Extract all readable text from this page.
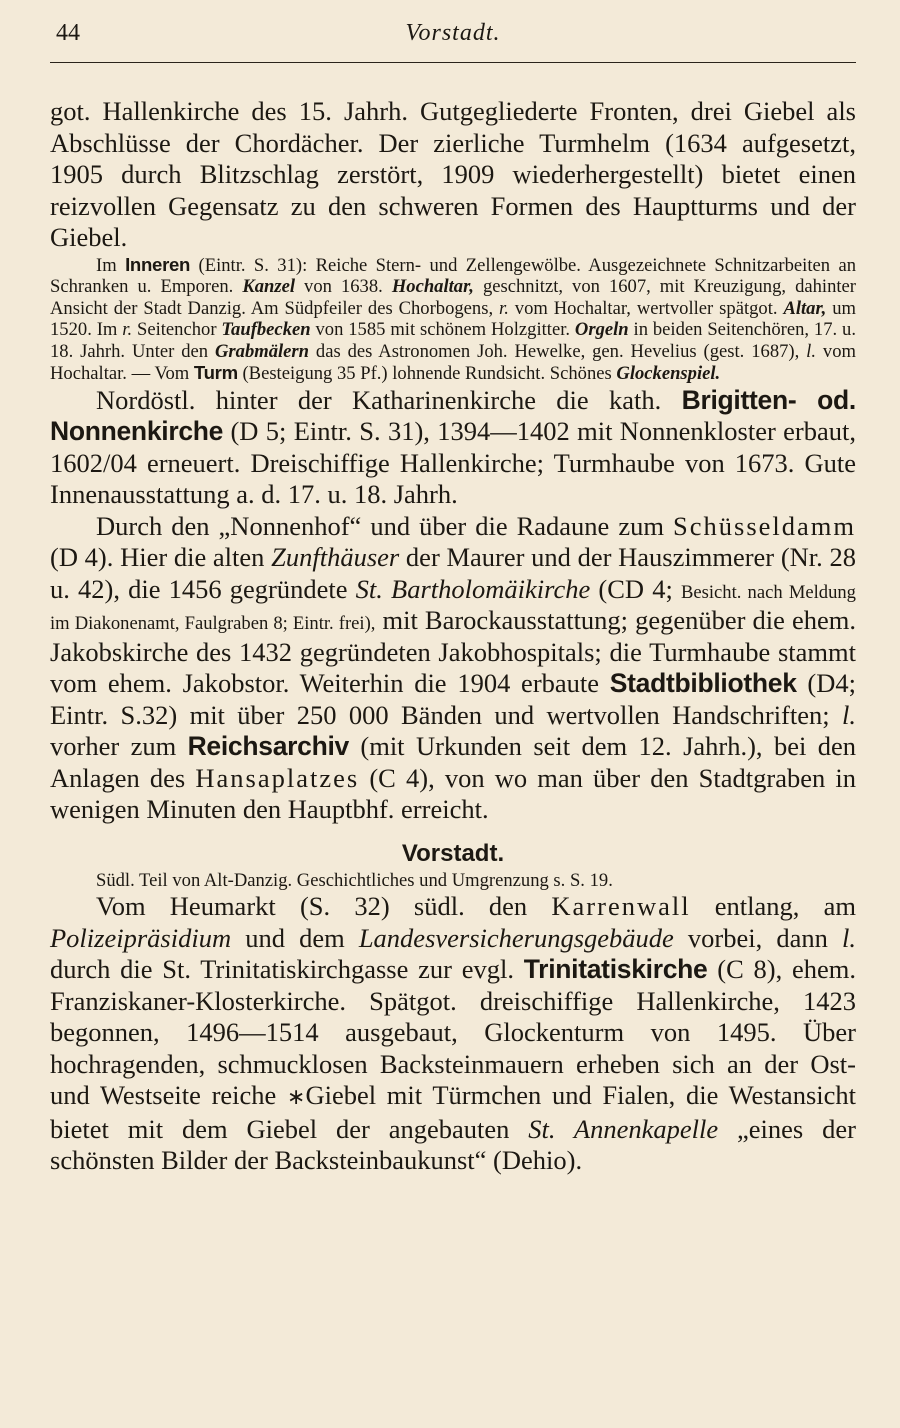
44	Vorstadt.

got. Hallenkirche des 15. Jahrh. Gutgegliederte Fronten, drei Giebel als Abschlüsse der Chordächer. Der zierliche Turmhelm (1634 aufgesetzt, 1905 durch Blitzschlag zerstört, 1909 wiederhergestellt) bietet einen reizvollen Gegensatz zu den schweren Formen des Hauptturms und der Giebel.

Im Inneren (Eintr. S. 31): Reiche Stern- und Zellengewölbe. Ausgezeichnete Schnitzarbeiten an Schranken u. Emporen. Kanzel von 1638. Hochaltar, geschnitzt, von 1607, mit Kreuzigung, dahinter Ansicht der Stadt Danzig. Am Südpfeiler des Chorbogens, r. vom Hochaltar, wertvoller spätgot. Altar, um 1520. Im r. Seitenchor Taufbecken von 1585 mit schönem Holzgitter. Orgeln in beiden Seitenchören, 17. u. 18. Jahrh. Unter den Grabmälern das des Astronomen Joh. Hewelke, gen. Hevelius (gest. 1687), l. vom Hochaltar. — Vom Turm (Besteigung 35 Pf.) lohnende Rundsicht. Schönes Glockenspiel.

Nordöstl. hinter der Katharinenkirche die kath. Brigitten- od. Nonnenkirche (D 5; Eintr. S. 31), 1394—1402 mit Nonnenkloster erbaut, 1602/04 erneuert. Dreischiffige Hallenkirche; Turmhaube von 1673. Gute Innenausstattung a. d. 17. u. 18. Jahrh.

Durch den „Nonnenhof“ und über die Radaune zum Schüsseldamm (D 4). Hier die alten Zunfthäuser der Maurer und der Hauszimmerer (Nr. 28 u. 42), die 1456 gegründete St. Bartholomäikirche (CD 4; Besicht. nach Meldung im Diakonenamt, Faulgraben 8; Eintr. frei), mit Barockausstattung; gegenüber die ehem. Jakobskirche des 1432 gegründeten Jakobhospitals; die Turmhaube stammt vom ehem. Jakobstor. Weiterhin die 1904 erbaute Stadtbibliothek (D4; Eintr. S.32) mit über 250 000 Bänden und wertvollen Handschriften; l. vorher zum Reichsarchiv (mit Urkunden seit dem 12. Jahrh.), bei den Anlagen des Hansaplatzes (C 4), von wo man über den Stadtgraben in wenigen Minuten den Hauptbhf. erreicht.

Vorstadt.

Südl. Teil von Alt-Danzig. Geschichtliches und Umgrenzung s. S. 19.

Vom Heumarkt (S. 32) südl. den Karrenwall entlang, am Polizeipräsidium und dem Landesversicherungsgebäude vorbei, dann l. durch die St. Trinitatiskirchgasse zur evgl. Trinitatiskirche (C 8), ehem. Franziskaner-Klosterkirche. Spätgot. dreischiffige Hallenkirche, 1423 begonnen, 1496—1514 ausgebaut, Glockenturm von 1495. Über hochragenden, schmucklosen Backsteinmauern erheben sich an der Ost- und Westseite reiche ∗Giebel mit Türmchen und Fialen, die Westansicht bietet mit dem Giebel der angebauten St. Annenkapelle „eines der schönsten Bilder der Backsteinbaukunst“ (Dehio).
